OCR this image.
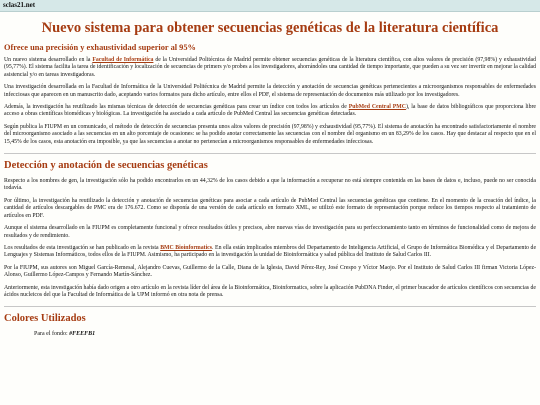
sclas21.net
Nuevo sistema para obtener secuencias genéticas de la literatura científica
Ofrece una precisión y exhaustividad superior al 95%

Un nuevo sistema desarrollado en la Facultad de Informática de la Universidad Politécnica de Madrid permite obtener secuencias genéticas de la literatura científica, con altos valores de precisión (97,98%) y exhaustividad (95,77%). El sistema facilita la tarea de identificación y localización de secuencias de primers y/o probes a los investigadores, ahorrándoles una cantidad de tiempo importante, que pueden a su vez ser invertir en mejorar la calidad asistencial y/o en tareas investigadoras.

Una investigación desarrollada en la Facultad de Informática de la Universidad Politécnica de Madrid permite la detección y anotación de secuencias genéticas pertenecientes a microorganismos responsables de enfermedades infecciosas que aparecen en un manuscrito dado, aceptando varios formatos para dicho artículo, entre ellos el PDF, el sistema de representación de documentos más utilizado por los investigadores.

Además, la investigación ha reutilizado las mismas técnicas de detección de secuencias genéticas para crear un índice con todos los artículos de PubMed Central PMC), la base de datos bibliográficos que proporciona libre acceso a obras científicas biomédicas y biológicas. La investigación ha asociado a cada artículo de PubMed Central las secuencias genéticas detectadas.

Según publica la FIUPM en un comunicado, el método de detección de secuencias presenta unos altos valores de precisión (97,98%) y exhaustividad (95,77%). El sistema de anotación ha encontrado satisfactoriamente el nombre del microorganismo asociado a las secuencias en un alto porcentaje de ocasiones: se ha podido anotar correctamente las secuencias con el nombre del organismo en un 83,29% de los casos. Hay que destacar al respecto que en el 15,45% de los casos, esta anotación era imposible, ya que las secuencias a anotar no pertenecían a microorganismos responsables de enfermedades infecciosas.

Detección y anotación de secuencias genéticas

Respecto a los nombres de gen, la investigación sólo ha podido encontrarlos en un 44,32% de los casos debido a que la información a recuperar no está siempre contenida en las bases de datos e, incluso, puede no ser conocida todavía.

Por último, la investigación ha reutilizado la detección y anotación de secuencias genéticas para asociar a cada artículo de PubMed Central las secuencias genéticas que contiene. En el momento de la creación del índice, la cantidad de artículos descargables de PMC era de 176.672. Como se disponía de una versión de cada artículo en formato XML, se utilizó este formato de representación porque reduce los tiempos respecto al tratamiento de artículos en PDF.

Aunque el sistema desarrollado en la FIUPM es completamente funcional y ofrece resultados útiles y precisos, abre nuevas vías de investigación para su perfeccionamiento tanto en términos de funcionalidad como de mejora de resultados y de rendimiento.

Los resultados de esta investigación se han publicado en la revista BMC Bioinformatics. En ella están implicados miembros del Departamento de Inteligencia Artificial, el Grupo de Informática Biomédica y el Departamento de Lenguajes y Sistemas Informáticos, todos ellos de la FIUPM. Asimismo, ha participado en la investigación la unidad de Bioinformática y salud pública del Instituto de Salud Carlos III.

Por la FIUPM, sus autores son Miguel García-Remesal, Alejandro Cuevas, Guillermo de la Calle, Diana de la Iglesia, David Pérez-Rey, José Crespo y Víctor Maojo. Por el Instituto de Salud Carlos III firman Victoria López-Alonso, Guillermo López-Campos y Fernando Martín-Sánchez.

Anteriormente, esta investigación había dado origen a otro artículo en la revista líder del área de la Bioinformática, Bioinformatics, sobre la aplicación PubDNA Finder, el primer buscador de artículos científicos con secuencias de ácidos nucleicos del que la Facultad de Informática de la UPM informó en otra nota de prensa.

Colores Utilizados
Para el fondo: #FEEFB1
